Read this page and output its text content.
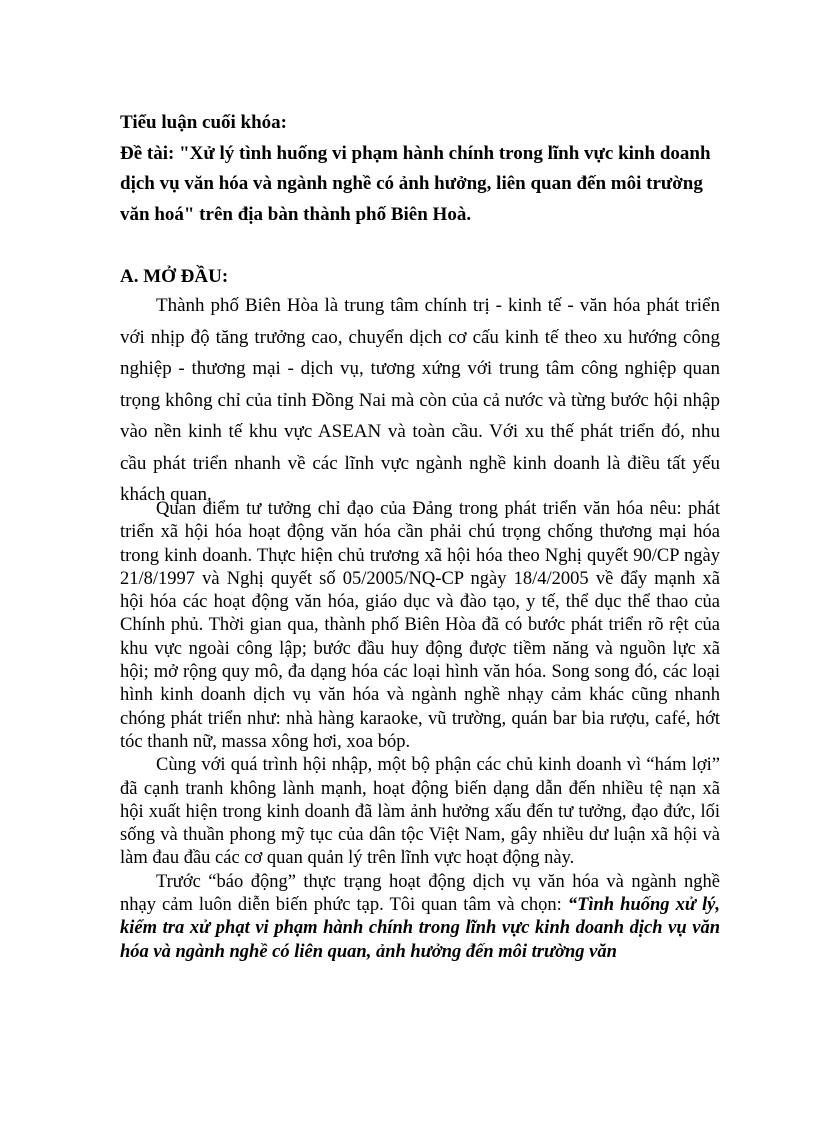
Tiểu luận cuối khóa:

Đề tài: "Xử lý tình huống vi phạm hành chính trong lĩnh vực kinh doanh dịch vụ văn hóa và ngành nghề có ảnh hưởng, liên quan đến môi trường văn hoá" trên địa bàn thành phố Biên Hoà.

A. MỞ ĐẦU:

Thành phố Biên Hòa là trung tâm chính trị - kinh tế - văn hóa phát triển với nhịp độ tăng trưởng cao, chuyển dịch cơ cấu kinh tế theo xu hướng công nghiệp - thương mại - dịch vụ, tương xứng với trung tâm công nghiệp quan trọng không chỉ của tỉnh Đồng Nai mà còn của cả nước và từng bước hội nhập vào nền kinh tế khu vực ASEAN và toàn cầu. Với xu thế phát triển đó, nhu cầu phát triển nhanh về các lĩnh vực ngành nghề kinh doanh là điều tất yếu khách quan.

Quan điểm tư tưởng chỉ đạo của Đảng trong phát triển văn hóa nêu: phát triển xã hội hóa hoạt động văn hóa cần phải chú trọng chống thương mại hóa trong kinh doanh. Thực hiện chủ trương xã hội hóa theo Nghị quyết 90/CP ngày 21/8/1997 và Nghị quyết số 05/2005/NQ-CP ngày 18/4/2005 về đẩy mạnh xã hội hóa các hoạt động văn hóa, giáo dục và đào tạo, y tế, thể dục thể thao của Chính phủ. Thời gian qua, thành phố Biên Hòa đã có bước phát triển rõ rệt của khu vực ngoài công lập; bước đầu huy động được tiềm năng và nguồn lực xã hội; mở rộng quy mô, đa dạng hóa các loại hình văn hóa. Song song đó, các loại hình kinh doanh dịch vụ văn hóa và ngành nghề nhạy cảm khác cũng nhanh chóng phát triển như: nhà hàng karaoke, vũ trường, quán bar bia rượu, café, hớt tóc thanh nữ, massa xông hơi, xoa bóp.

Cùng với quá trình hội nhập, một bộ phận các chủ kinh doanh vì “hám lợi” đã cạnh tranh không lành mạnh, hoạt động biến dạng dẫn đến nhiều tệ nạn xã hội xuất hiện trong kinh doanh đã làm ảnh hưởng xấu đến tư tưởng, đạo đức, lối sống và thuần phong mỹ tục của dân tộc Việt Nam, gây nhiều dư luận xã hội và làm đau đầu các cơ quan quản lý trên lĩnh vực hoạt động này.

Trước “báo động” thực trạng hoạt động dịch vụ văn hóa và ngành nghề nhạy cảm luôn diễn biến phức tạp. Tôi quan tâm và chọn: “Tình huống xử lý, kiểm tra xử phạt vi phạm hành chính trong lĩnh vực kinh doanh dịch vụ văn hóa và ngành nghề có liên quan, ảnh hưởng đến môi trường văn
